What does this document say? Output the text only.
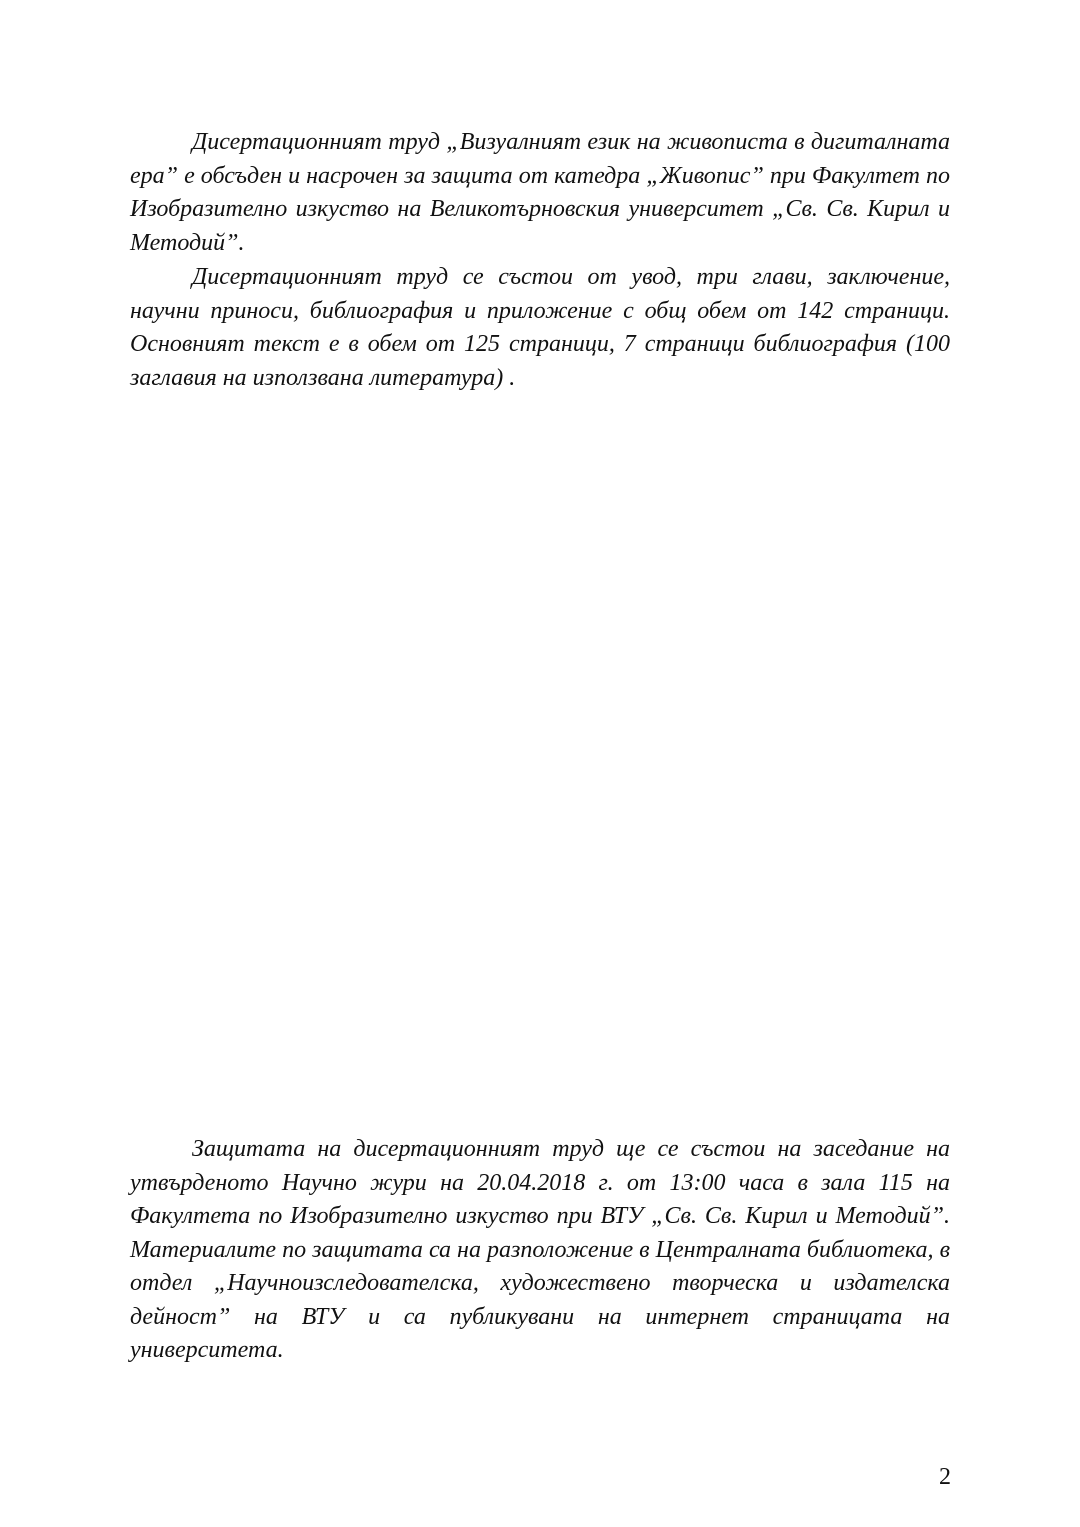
Дисертационният труд „Визуалният език на живописта в дигиталната ера” е обсъден и насрочен за защита от катедра „Живопис” при Факултет по Изобразително изкуство на Великотърновския университет „Св. Св. Кирил и Методий”.

Дисертационният труд се състои от увод, три глави, заключение, научни приноси, библиография и приложение с общ обем от 142 страници. Основният текст е в обем от 125 страници, 7 страници библиография (100 заглавия на използвана литература) .

Защитата на дисертационният труд ще се състои на заседание на утвърденото Научно жури на 20.04.2018 г. от 13:00 часа в зала 115 на Факултета по Изобразително изкуство при ВТУ „Св. Св. Кирил и Методий”. Материалите по защитата са на разположение в Централната библиотека, в отдел „Научноизследователска, художествено творческа и издателска дейност” на ВТУ и са публикувани на интернет страницата на университета.

2
